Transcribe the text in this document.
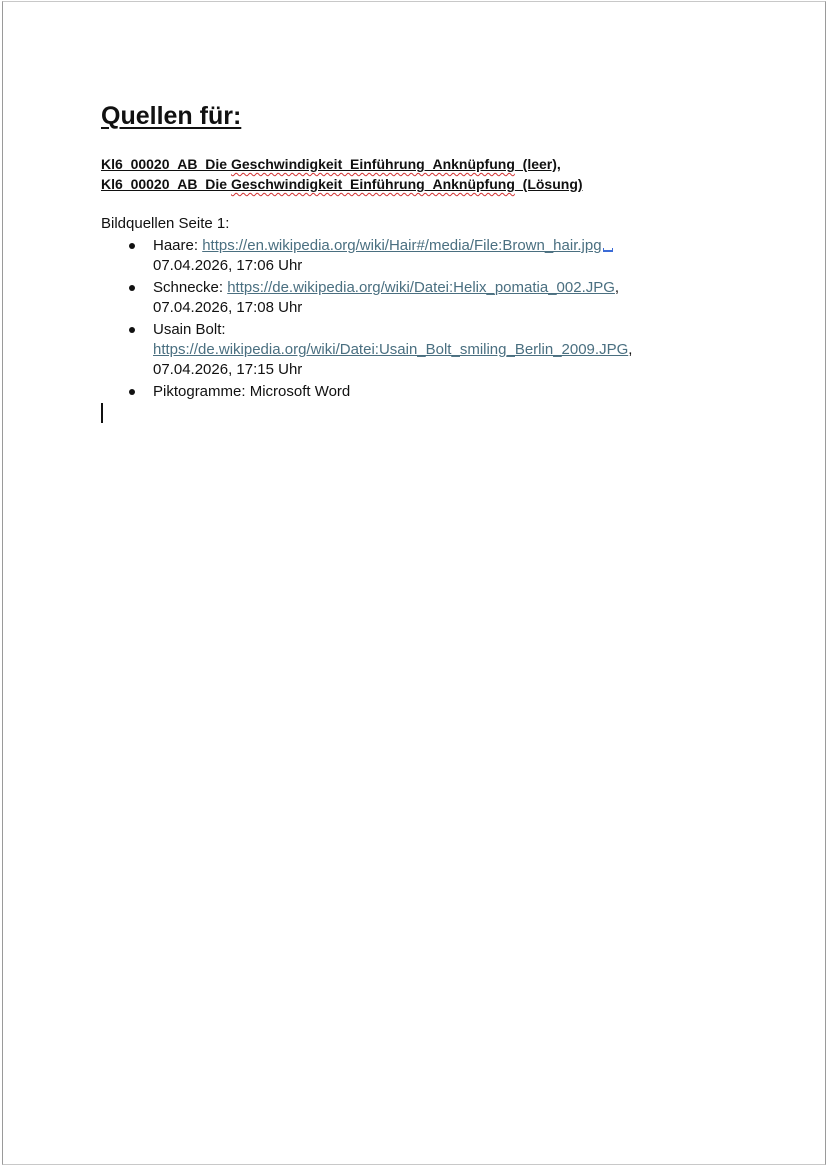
Quellen für:
Kl6_00020_AB_Die Geschwindigkeit_Einführung_Anknüpfung_(leer),
Kl6_00020_AB_Die Geschwindigkeit_Einführung_Anknüpfung_(Lösung)
Bildquellen Seite 1:
Haare: https://en.wikipedia.org/wiki/Hair#/media/File:Brown_hair.jpg
07.04.2026, 17:06 Uhr
Schnecke: https://de.wikipedia.org/wiki/Datei:Helix_pomatia_002.JPG,
07.04.2026, 17:08 Uhr
Usain Bolt:
https://de.wikipedia.org/wiki/Datei:Usain_Bolt_smiling_Berlin_2009.JPG,
07.04.2026, 17:15 Uhr
Piktogramme: Microsoft Word
